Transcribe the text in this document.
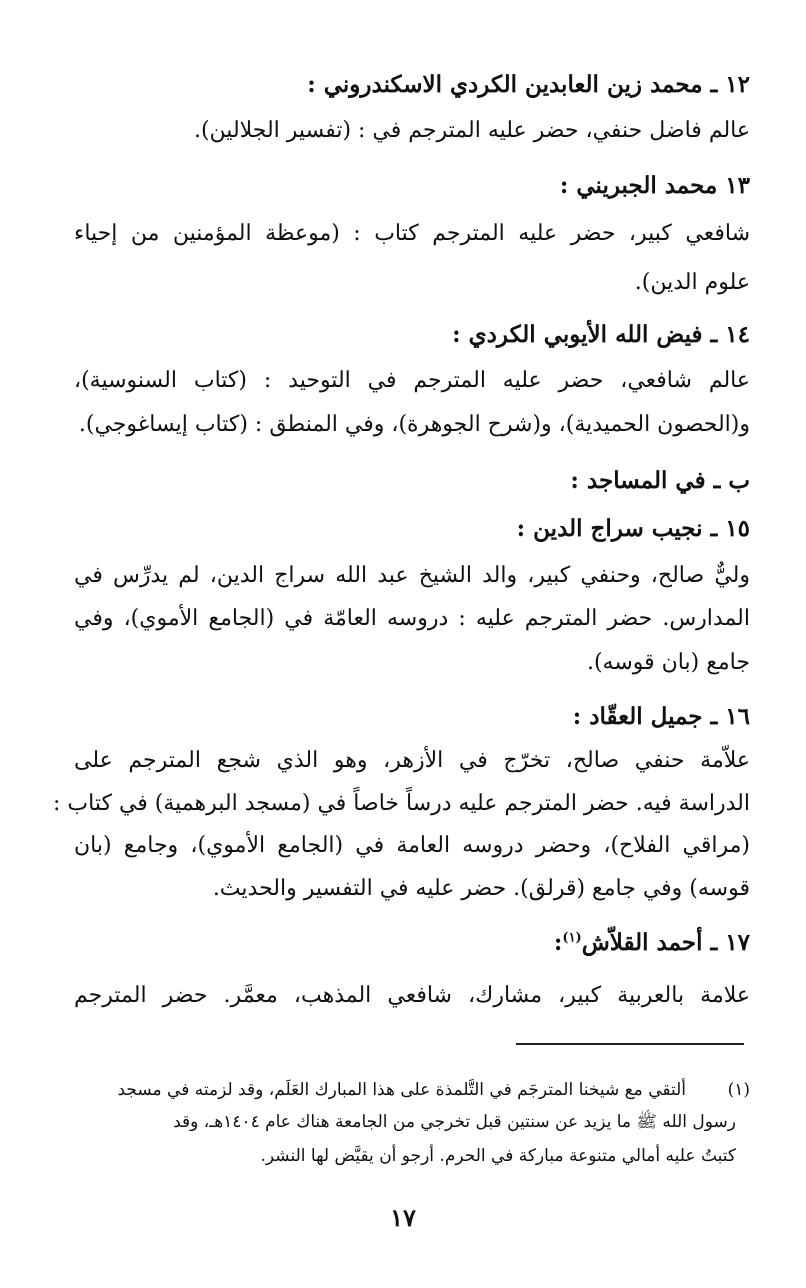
١٢ ـ محمد زين العابدين الكردي الاسكندروني :
عالم فاضل حنفي، حضر عليه المترجم في : (تفسير الجلالين).
١٣ محمد الجبريني :
شافعي كبير، حضر عليه المترجم كتاب : (موعظة المؤمنين من إحياء
علوم الدين).
١٤ ـ فيض الله الأيوبي الكردي :
عالم شافعي، حضر عليه المترجم في التوحيد : (كتاب السنوسية)،
و(الحصون الحميدية)، و(شرح الجوهرة)، وفي المنطق : (كتاب إيساغوجي).
ب ـ في المساجد :
١٥ ـ نجيب سراج الدين :
وليٌّ صالح، وحنفي كبير، والد الشيخ عبد الله سراج الدين، لم يدرِّس في
المدارس. حضر المترجم عليه : دروسه العامّة في (الجامع الأموي)، وفي
جامع (بان قوسه).
١٦ ـ جميل العقّاد :
علاّمة حنفي صالح، تخرّج في الأزهر، وهو الذي شجع المترجم على
الدراسة فيه. حضر المترجم عليه درساً خاصاً في (مسجد البرهمية) في كتاب :
(مراقي الفلاح)، وحضر دروسه العامة في (الجامع الأموي)، وجامع (بان
قوسه) وفي جامع (قرلق). حضر عليه في التفسير والحديث.
١٧ ـ أحمد القلاّش$^{(١)}$:
علامة بالعربية كبير، مشارك، شافعي المذهب، معمَّر. حضر المترجم
(١)
ألتقي مع شيخنا المترجَم في التَّلمذة على هذا المبارك العَلَم، وقد لزمته في مسجد
رسول الله ﷺ ما يزيد عن سنتين قبل تخرجي من الجامعة هناك عام ١٤٠٤هـ، وقد
كتبتُ عليه أمالي متنوعة مباركة في الحرم. أرجو أن يقيَّض لها النشر.
١٧
